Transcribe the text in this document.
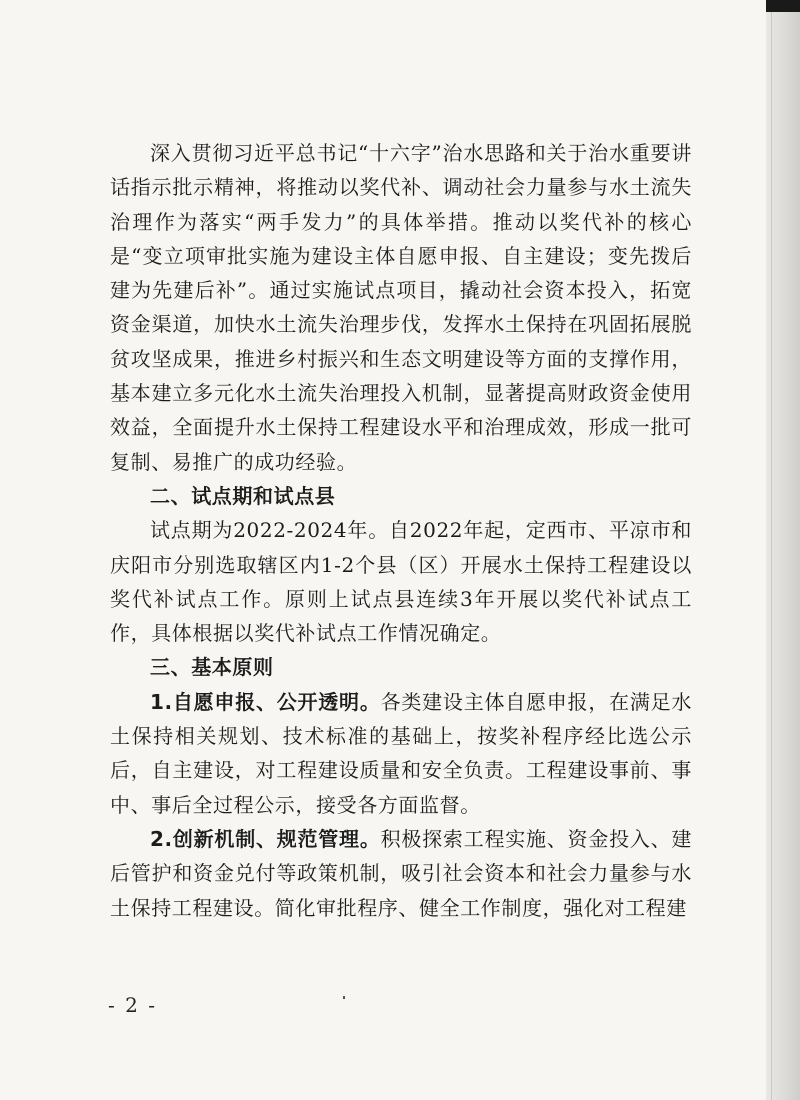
深入贯彻习近平总书记“十六字”治水思路和关于治水重要讲话指示批示精神，将推动以奖代补、调动社会力量参与水土流失治理作为落实“两手发力”的具体举措。推动以奖代补的核心是“变立项审批实施为建设主体自愿申报、自主建设；变先拨后建为先建后补”。通过实施试点项目，撬动社会资本投入，拓宽资金渠道，加快水土流失治理步伐，发挥水土保持在巩固拓展脱贫攻坚成果，推进乡村振兴和生态文明建设等方面的支撑作用，基本建立多元化水土流失治理投入机制，显著提高财政资金使用效益，全面提升水土保持工程建设水平和治理成效，形成一批可复制、易推广的成功经验。

二、试点期和试点县

试点期为2022-2024年。自2022年起，定西市、平凉市和庆阳市分别选取辖区内1-2个县（区）开展水土保持工程建设以奖代补试点工作。原则上试点县连续3年开展以奖代补试点工作，具体根据以奖代补试点工作情况确定。

三、基本原则

1.自愿申报、公开透明。各类建设主体自愿申报，在满足水土保持相关规划、技术标准的基础上，按奖补程序经比选公示后，自主建设，对工程建设质量和安全负责。工程建设事前、事中、事后全过程公示，接受各方面监督。

2.创新机制、规范管理。积极探索工程实施、资金投入、建后管护和资金兑付等政策机制，吸引社会资本和社会力量参与水土保持工程建设。简化审批程序、健全工作制度，强化对工程建

- 2 -
